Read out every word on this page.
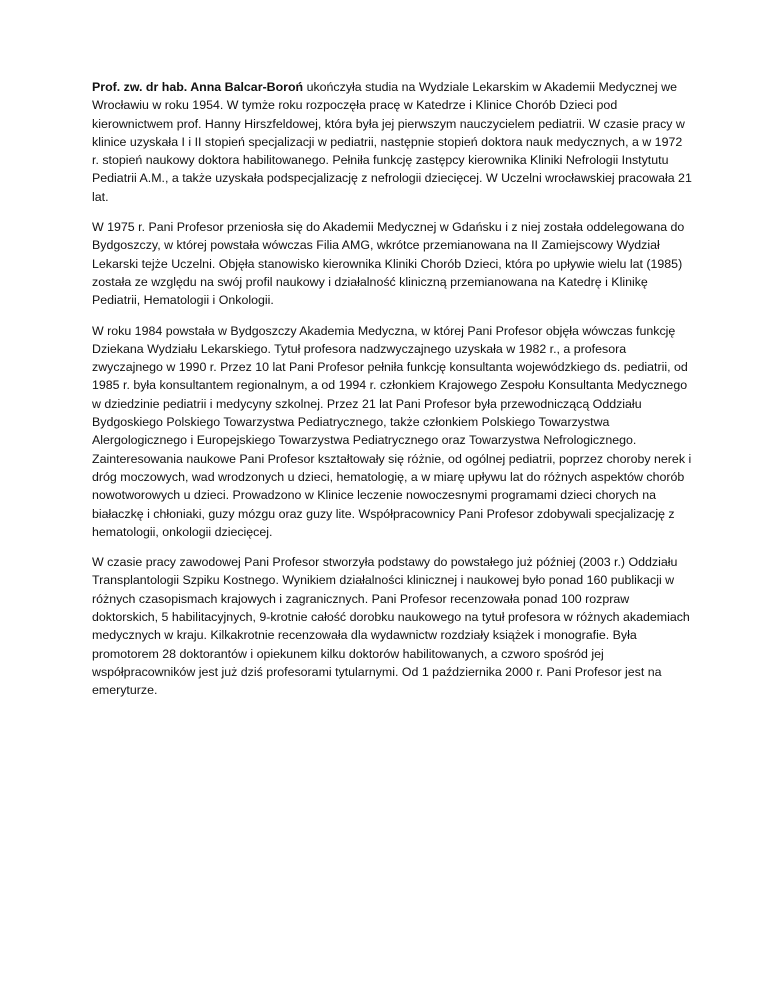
Prof. zw. dr hab. Anna Balcar-Boroń ukończyła studia na Wydziale Lekarskim w Akademii Medycznej we Wrocławiu w roku 1954. W tymże roku rozpoczęła pracę w Katedrze i Klinice Chorób Dzieci pod kierownictwem prof. Hanny Hirszfeldowej, która była jej pierwszym nauczycielem pediatrii. W czasie pracy w klinice uzyskała I i II stopień specjalizacji w pediatrii, następnie stopień doktora nauk medycznych, a w 1972 r. stopień naukowy doktora habilitowanego. Pełniła funkcję zastępcy kierownika Kliniki Nefrologii Instytutu Pediatrii A.M., a także uzyskała podspecjalizację z nefrologii dziecięcej. W Uczelni wrocławskiej pracowała 21 lat.

W 1975 r. Pani Profesor przeniosła się do Akademii Medycznej w Gdańsku i z niej została oddelegowana do Bydgoszczy, w której powstała wówczas Filia AMG, wkrótce przemianowana na II Zamiejscowy Wydział Lekarski tejże Uczelni. Objęła stanowisko kierownika Kliniki Chorób Dzieci, która po upływie wielu lat (1985) została ze względu na swój profil naukowy i działalność kliniczną przemianowana na Katedrę i Klinikę Pediatrii, Hematologii i Onkologii.

W roku 1984 powstała w Bydgoszczy Akademia Medyczna, w której Pani Profesor objęła wówczas funkcję Dziekana Wydziału Lekarskiego. Tytuł profesora nadzwyczajnego uzyskała w 1982 r., a profesora zwyczajnego w 1990 r. Przez 10 lat Pani Profesor pełniła funkcję konsultanta wojewódzkiego ds. pediatrii, od 1985 r. była konsultantem regionalnym, a od 1994 r. członkiem Krajowego Zespołu Konsultanta Medycznego w dziedzinie pediatrii i medycyny szkolnej. Przez 21 lat Pani Profesor była przewodniczącą Oddziału Bydgoskiego Polskiego Towarzystwa Pediatrycznego, także członkiem Polskiego Towarzystwa Alergologicznego i Europejskiego Towarzystwa Pediatrycznego oraz Towarzystwa Nefrologicznego. Zainteresowania naukowe Pani Profesor kształtowały się różnie, od ogólnej pediatrii, poprzez choroby nerek i dróg moczowych, wad wrodzonych u dzieci, hematologię, a w miarę upływu lat do różnych aspektów chorób nowotworowych u dzieci. Prowadzono w Klinice leczenie nowoczesnymi programami dzieci chorych na białaczkę i chłoniaki, guzy mózgu oraz guzy lite. Współpracownicy Pani Profesor zdobywali specjalizację z hematologii, onkologii dziecięcej.

W czasie pracy zawodowej Pani Profesor stworzyła podstawy do powstałego już później (2003 r.) Oddziału Transplantologii Szpiku Kostnego. Wynikiem działalności klinicznej i naukowej było ponad 160 publikacji w różnych czasopismach krajowych i zagranicznych. Pani Profesor recenzowała ponad 100 rozpraw doktorskich, 5 habilitacyjnych, 9-krotnie całość dorobku naukowego na tytuł profesora w różnych akademiach medycznych w kraju. Kilkakrotnie recenzowała dla wydawnictw rozdziały książek i monografie. Była promotorem 28 doktorantów i opiekunem kilku doktorów habilitowanych, a czworo spośród jej współpracowników jest już dziś profesorami tytularnymi. Od 1 października 2000 r. Pani Profesor jest na emeryturze.
